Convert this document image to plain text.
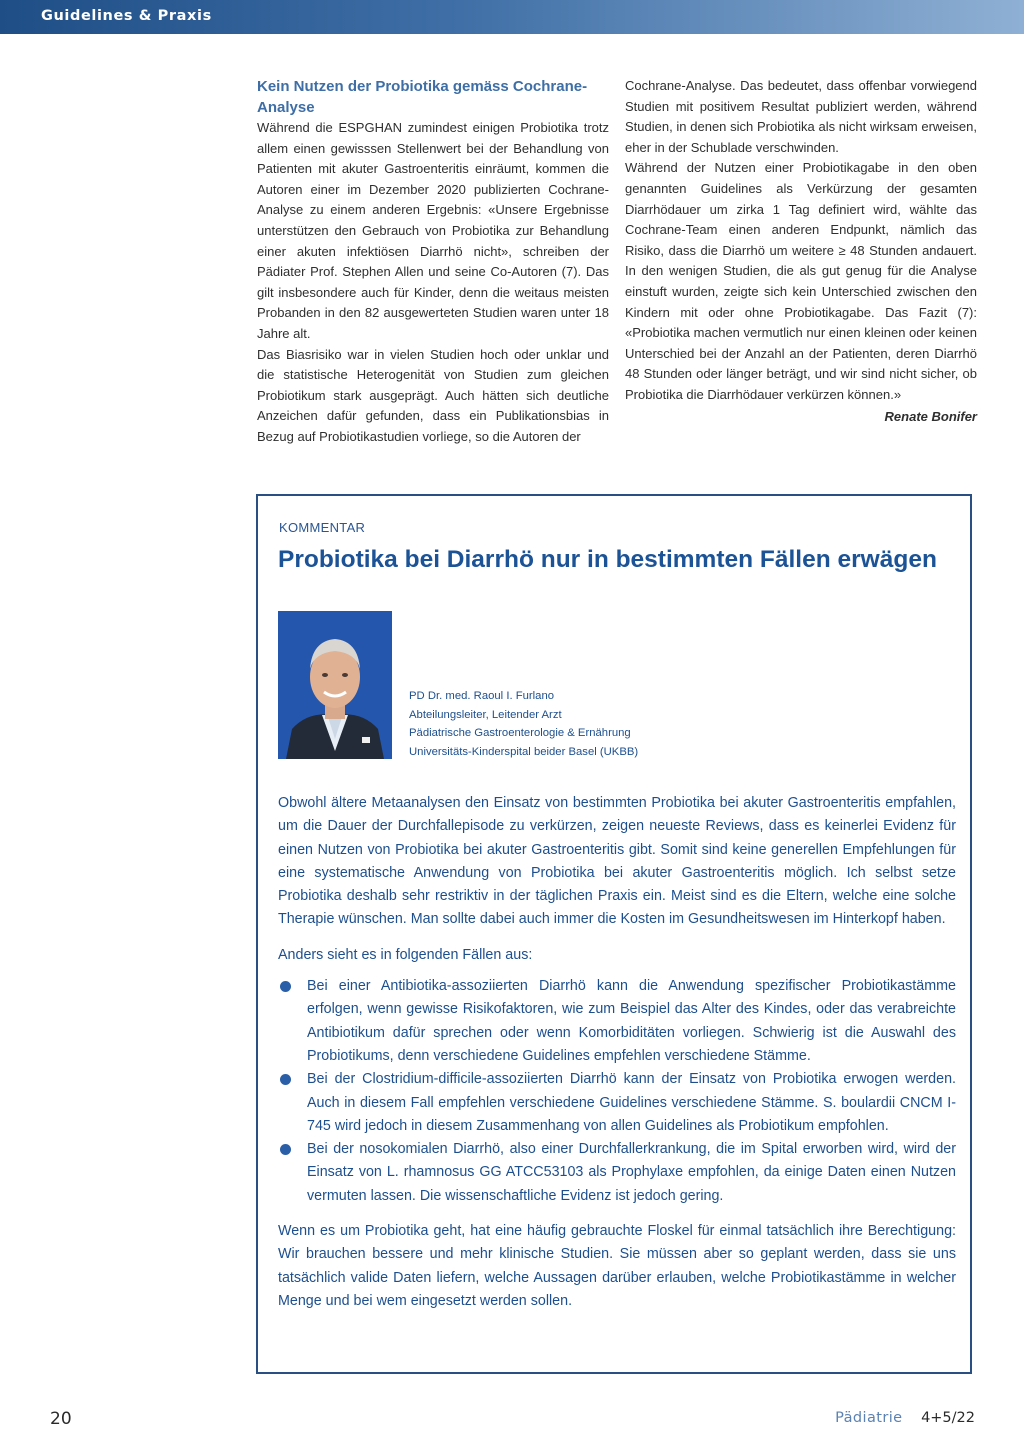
Guidelines & Praxis
Kein Nutzen der Probiotika gemäss Cochrane-Analyse

Während die ESPGHAN zumindest einigen Probiotika trotz allem einen gewisssen Stellenwert bei der Behandlung von Patienten mit akuter Gastroenteritis einräumt, kommen die Autoren einer im Dezember 2020 publizierten Cochrane-Analyse zu einem anderen Ergebnis: «Unsere Ergebnisse unterstützen den Gebrauch von Probiotika zur Behandlung einer akuten infektiösen Diarrhö nicht», schreiben der Pädiater Prof. Stephen Allen und seine Co-Autoren (7). Das gilt insbesondere auch für Kinder, denn die weitaus meisten Probanden in den 82 ausgewerteten Studien waren unter 18 Jahre alt.

Das Biasrisiko war in vielen Studien hoch oder unklar und die statistische Heterogenität von Studien zum gleichen Probiotikum stark ausgeprägt. Auch hätten sich deutliche Anzeichen dafür gefunden, dass ein Publikationsbias in Bezug auf Probiotikastudien vorliege, so die Autoren der

Cochrane-Analyse. Das bedeutet, dass offenbar vorwiegend Studien mit positivem Resultat publiziert werden, während Studien, in denen sich Probiotika als nicht wirksam erweisen, eher in der Schublade verschwinden.

Während der Nutzen einer Probiotikagabe in den oben genannten Guidelines als Verkürzung der gesamten Diarrhödauer um zirka 1 Tag definiert wird, wählte das Cochrane-Team einen anderen Endpunkt, nämlich das Risiko, dass die Diarrhö um weitere ≥ 48 Stunden andauert. In den wenigen Studien, die als gut genug für die Analyse einstuft wurden, zeigte sich kein Unterschied zwischen den Kindern mit oder ohne Probiotikagabe. Das Fazit (7): «Probiotika machen vermutlich nur einen kleinen oder keinen Unterschied bei der Anzahl an der Patienten, deren Diarrhö 48 Stunden oder länger beträgt, und wir sind nicht sicher, ob Probiotika die Diarrhödauer verkürzen können.»

Renate Bonifer
KOMMENTAR
Probiotika bei Diarrhö nur in bestimmten Fällen erwägen
PD Dr. med. Raoul I. Furlano
Abteilungsleiter, Leitender Arzt
Pädiatrische Gastroenterologie & Ernährung
Universitäts-Kinderspital beider Basel (UKBB)

Obwohl ältere Metaanalysen den Einsatz von bestimmten Probiotika bei akuter Gastroenteritis empfahlen, um die Dauer der Durchfallepisode zu verkürzen, zeigen neueste Reviews, dass es keinerlei Evidenz für einen Nutzen von Probiotika bei akuter Gastroenteritis gibt. Somit sind keine generellen Empfehlungen für eine systematische Anwendung von Probiotika bei akuter Gastroenteritis möglich. Ich selbst setze Probiotika deshalb sehr restriktiv in der täglichen Praxis ein. Meist sind es die Eltern, welche eine solche Therapie wünschen. Man sollte dabei auch immer die Kosten im Gesundheitswesen im Hinterkopf haben.

Anders sieht es in folgenden Fällen aus:

Bei einer Antibiotika-assoziierten Diarrhö kann die Anwendung spezifischer Probiotikastämme erfolgen, wenn gewisse Risikofaktoren, wie zum Beispiel das Alter des Kindes, oder das verabreichte Antibiotikum dafür sprechen oder wenn Komorbiditäten vorliegen. Schwierig ist die Auswahl des Probiotikums, denn verschiedene Guidelines empfehlen verschiedene Stämme.
Bei der Clostridium-difficile-assoziierten Diarrhö kann der Einsatz von Probiotika erwogen werden. Auch in diesem Fall empfehlen verschiedene Guidelines verschiedene Stämme. S. boulardii CNCM I-745 wird jedoch in diesem Zusammenhang von allen Guidelines als Probiotikum empfohlen.
Bei der nosokomialen Diarrhö, also einer Durchfallerkrankung, die im Spital erworben wird, wird der Einsatz von L. rhamnosus GG ATCC53103 als Prophylaxe empfohlen, da einige Daten einen Nutzen vermuten lassen. Die wissenschaftliche Evidenz ist jedoch gering.

Wenn es um Probiotika geht, hat eine häufig gebrauchte Floskel für einmal tatsächlich ihre Berechtigung: Wir brauchen bessere und mehr klinische Studien. Sie müssen aber so geplant werden, dass sie uns tatsächlich valide Daten liefern, welche Aussagen darüber erlauben, welche Probiotikastämme in welcher Menge und bei wem eingesetzt werden sollen.

20	Pädiatrie 4+5/22
